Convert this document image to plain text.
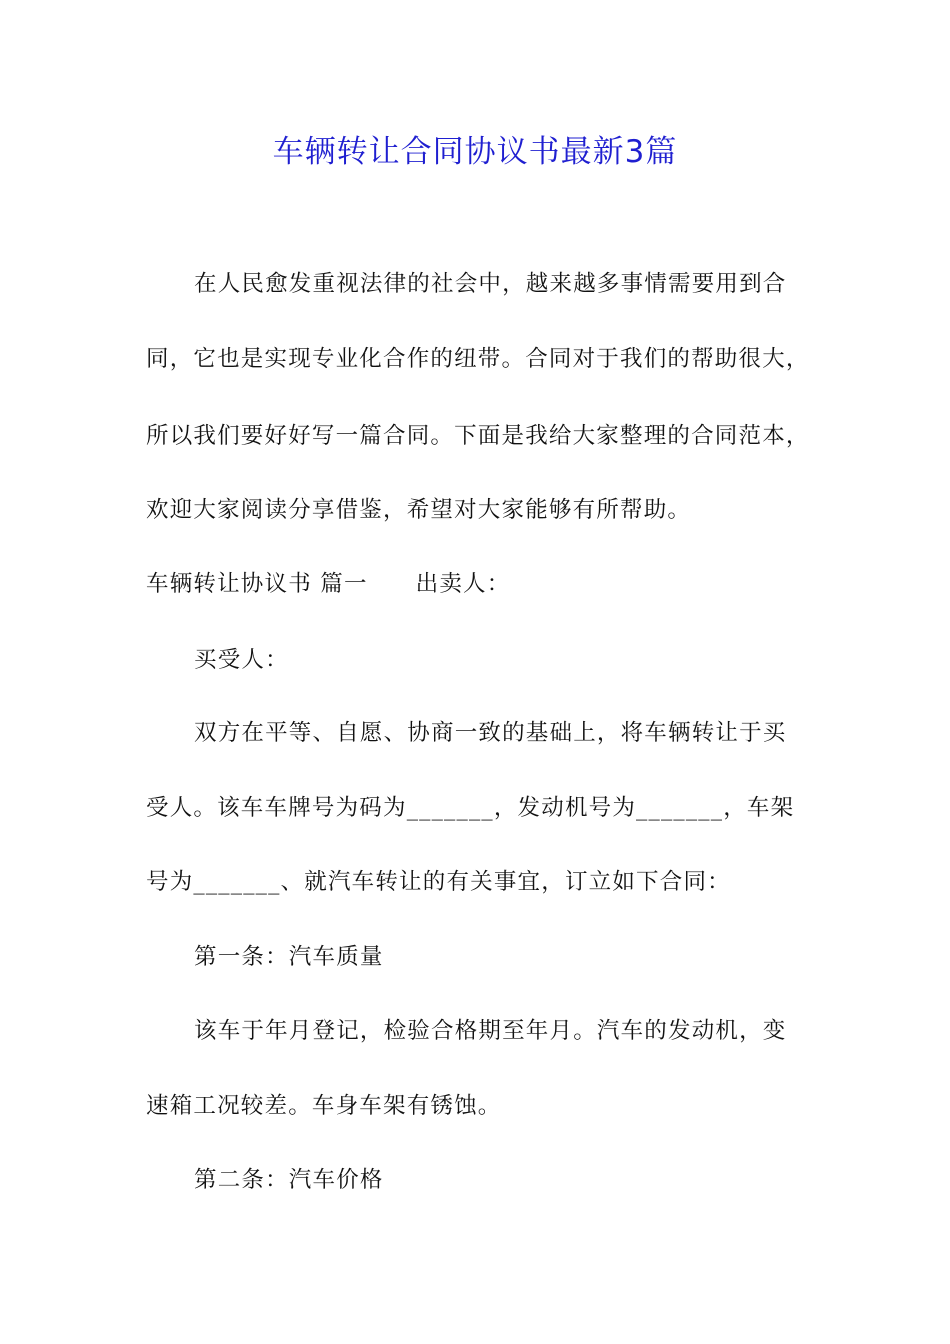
车辆转让合同协议书最新3篇

在人民愈发重视法律的社会中，越来越多事情需要用到合

同，它也是实现专业化合作的纽带。合同对于我们的帮助很大，

所以我们要好好写一篇合同。下面是我给大家整理的合同范本，

欢迎大家阅读分享借鉴，希望对大家能够有所帮助。

车辆转让协议书 篇一 出卖人：

买受人：

双方在平等、自愿、协商一致的基础上，将车辆转让于买

受人。该车车牌号为码为_______，发动机号为_______，车架

号为_______、就汽车转让的有关事宜，订立如下合同：

第一条：汽车质量

该车于年月登记，检验合格期至年月。汽车的发动机，变

速箱工况较差。车身车架有锈蚀。

第二条：汽车价格
